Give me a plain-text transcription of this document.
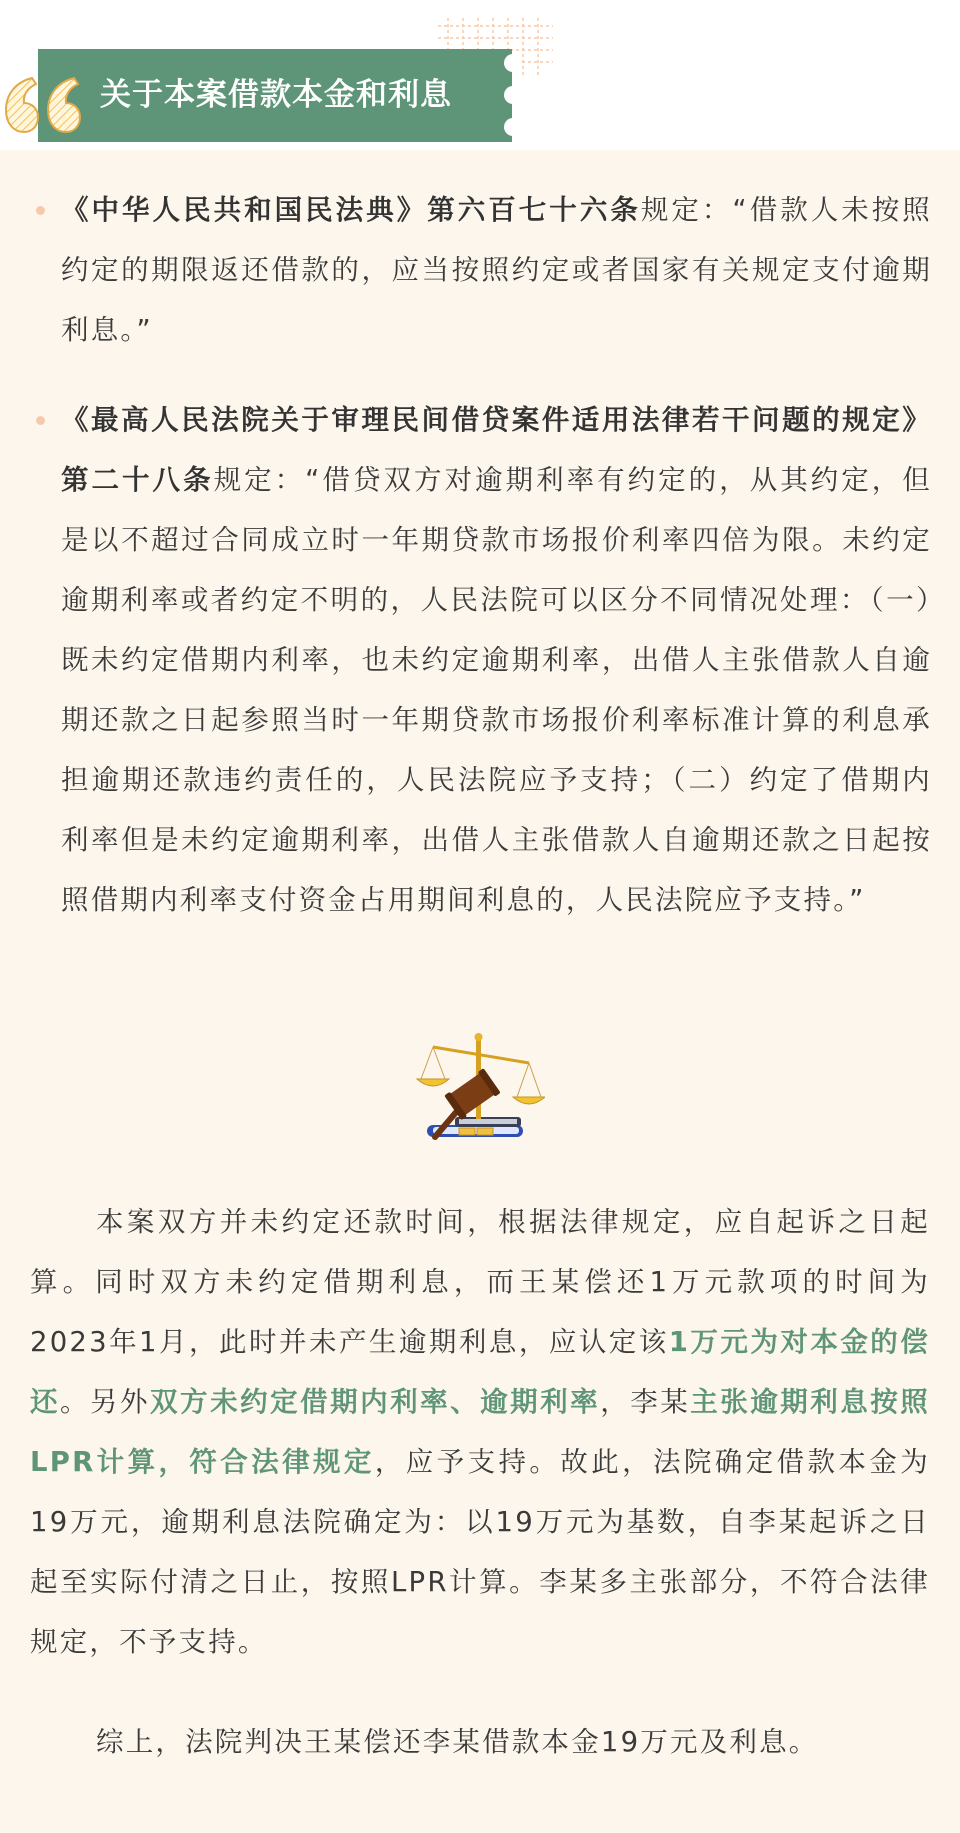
关于本案借款本金和利息
《中华人民共和国民法典》第六百七十六条规定：“借款人未按照约定的期限返还借款的，应当按照约定或者国家有关规定支付逾期利息。”
《最高人民法院关于审理民间借贷案件适用法律若干问题的规定》第二十八条规定：“借贷双方对逾期利率有约定的，从其约定，但是以不超过合同成立时一年期贷款市场报价利率四倍为限。未约定逾期利率或者约定不明的，人民法院可以区分不同情况处理：（一）既未约定借期内利率，也未约定逾期利率，出借人主张借款人自逾期还款之日起参照当时一年期贷款市场报价利率标准计算的利息承担逾期还款违约责任的，人民法院应予支持；（二）约定了借期内利率但是未约定逾期利率，出借人主张借款人自逾期还款之日起按照借期内利率支付资金占用期间利息的，人民法院应予支持。”
本案双方并未约定还款时间，根据法律规定，应自起诉之日起算。同时双方未约定借期利息，而王某偿还1万元款项的时间为2023年1月，此时并未产生逾期利息，应认定该1万元为对本金的偿还。另外双方未约定借期内利率、逾期利率，李某主张逾期利息按照LPR计算，符合法律规定，应予支持。故此，法院确定借款本金为19万元，逾期利息法院确定为：以19万元为基数，自李某起诉之日起至实际付清之日止，按照LPR计算。李某多主张部分，不符合法律规定，不予支持。
综上，法院判决王某偿还李某借款本金19万元及利息。
